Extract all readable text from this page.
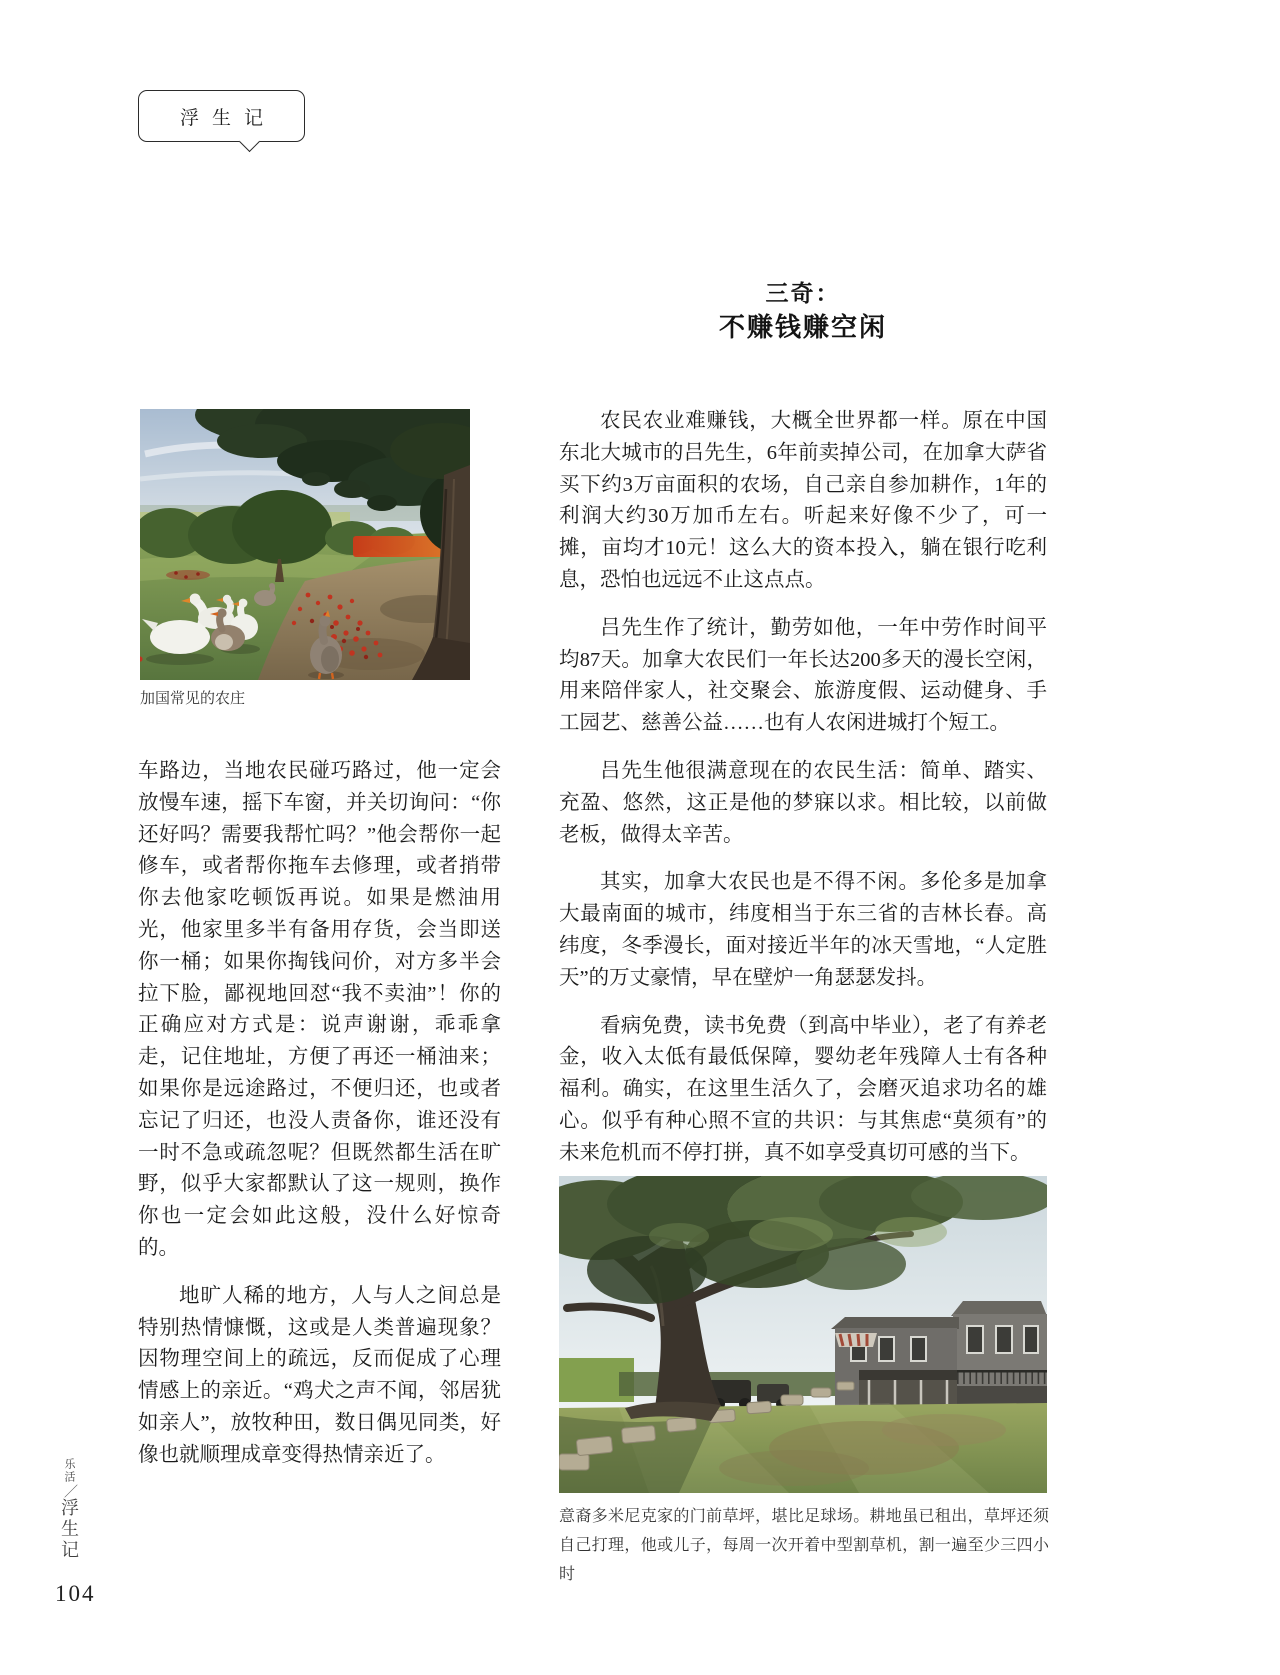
浮生记
三奇：
不赚钱赚空闲
加国常见的农庄

车路边，当地农民碰巧路过，他一定会放慢车速，摇下车窗，并关切询问：“你还好吗？需要我帮忙吗？”他会帮你一起修车，或者帮你拖车去修理，或者捎带你去他家吃顿饭再说。如果是燃油用光，他家里多半有备用存货，会当即送你一桶；如果你掏钱问价，对方多半会拉下脸，鄙视地回怼“我不卖油”！你的正确应对方式是：说声谢谢，乖乖拿走，记住地址，方便了再还一桶油来；如果你是远途路过，不便归还，也或者忘记了归还，也没人责备你，谁还没有一时不急或疏忽呢？但既然都生活在旷野，似乎大家都默认了这一规则，换作你也一定会如此这般，没什么好惊奇的。

地旷人稀的地方，人与人之间总是特别热情慷慨，这或是人类普遍现象？因物理空间上的疏远，反而促成了心理情感上的亲近。“鸡犬之声不闻，邻居犹如亲人”，放牧种田，数日偶见同类，好像也就顺理成章变得热情亲近了。

农民农业难赚钱，大概全世界都一样。原在中国东北大城市的吕先生，6年前卖掉公司，在加拿大萨省买下约3万亩面积的农场，自己亲自参加耕作，1年的利润大约30万加币左右。听起来好像不少了，可一摊，亩均才10元！这么大的资本投入，躺在银行吃利息，恐怕也远远不止这点点。

吕先生作了统计，勤劳如他，一年中劳作时间平均87天。加拿大农民们一年长达200多天的漫长空闲，用来陪伴家人，社交聚会、旅游度假、运动健身、手工园艺、慈善公益……也有人农闲进城打个短工。

吕先生他很满意现在的农民生活：简单、踏实、充盈、悠然，这正是他的梦寐以求。相比较，以前做老板，做得太辛苦。

其实，加拿大农民也是不得不闲。多伦多是加拿大最南面的城市，纬度相当于东三省的吉林长春。高纬度，冬季漫长，面对接近半年的冰天雪地，“人定胜天”的万丈豪情，早在壁炉一角瑟瑟发抖。

看病免费，读书免费（到高中毕业），老了有养老金，收入太低有最低保障，婴幼老年残障人士有各种福利。确实，在这里生活久了，会磨灭追求功名的雄心。似乎有种心照不宣的共识：与其焦虑“莫须有”的未来危机而不停打拼，真不如享受真切可感的当下。

意裔多米尼克家的门前草坪，堪比足球场。耕地虽已租出，草坪还须自己打理，他或儿子，每周一次开着中型割草机，割一遍至少三四小时
乐活／浮生记
104
